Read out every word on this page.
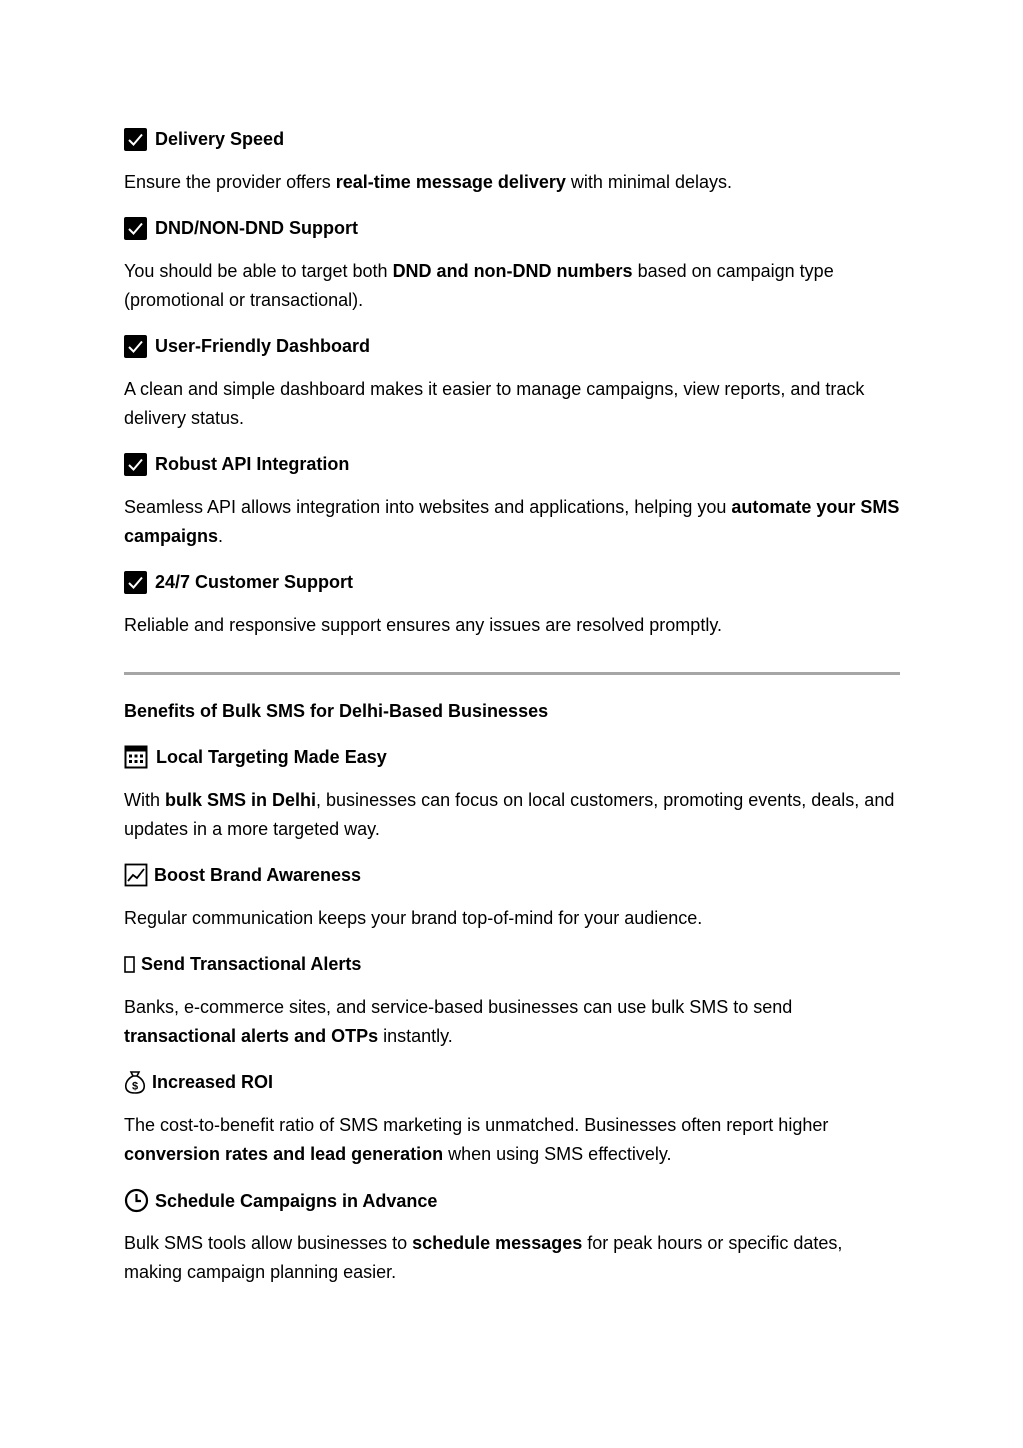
Delivery Speed
Ensure the provider offers real-time message delivery with minimal delays.
DND/NON-DND Support
You should be able to target both DND and non-DND numbers based on campaign type (promotional or transactional).
User-Friendly Dashboard
A clean and simple dashboard makes it easier to manage campaigns, view reports, and track delivery status.
Robust API Integration
Seamless API allows integration into websites and applications, helping you automate your SMS campaigns.
24/7 Customer Support
Reliable and responsive support ensures any issues are resolved promptly.
Benefits of Bulk SMS for Delhi-Based Businesses
Local Targeting Made Easy
With bulk SMS in Delhi, businesses can focus on local customers, promoting events, deals, and updates in a more targeted way.
Boost Brand Awareness
Regular communication keeps your brand top-of-mind for your audience.
Send Transactional Alerts
Banks, e-commerce sites, and service-based businesses can use bulk SMS to send transactional alerts and OTPs instantly.
$ Increased ROI
The cost-to-benefit ratio of SMS marketing is unmatched. Businesses often report higher conversion rates and lead generation when using SMS effectively.
Schedule Campaigns in Advance
Bulk SMS tools allow businesses to schedule messages for peak hours or specific dates, making campaign planning easier.
